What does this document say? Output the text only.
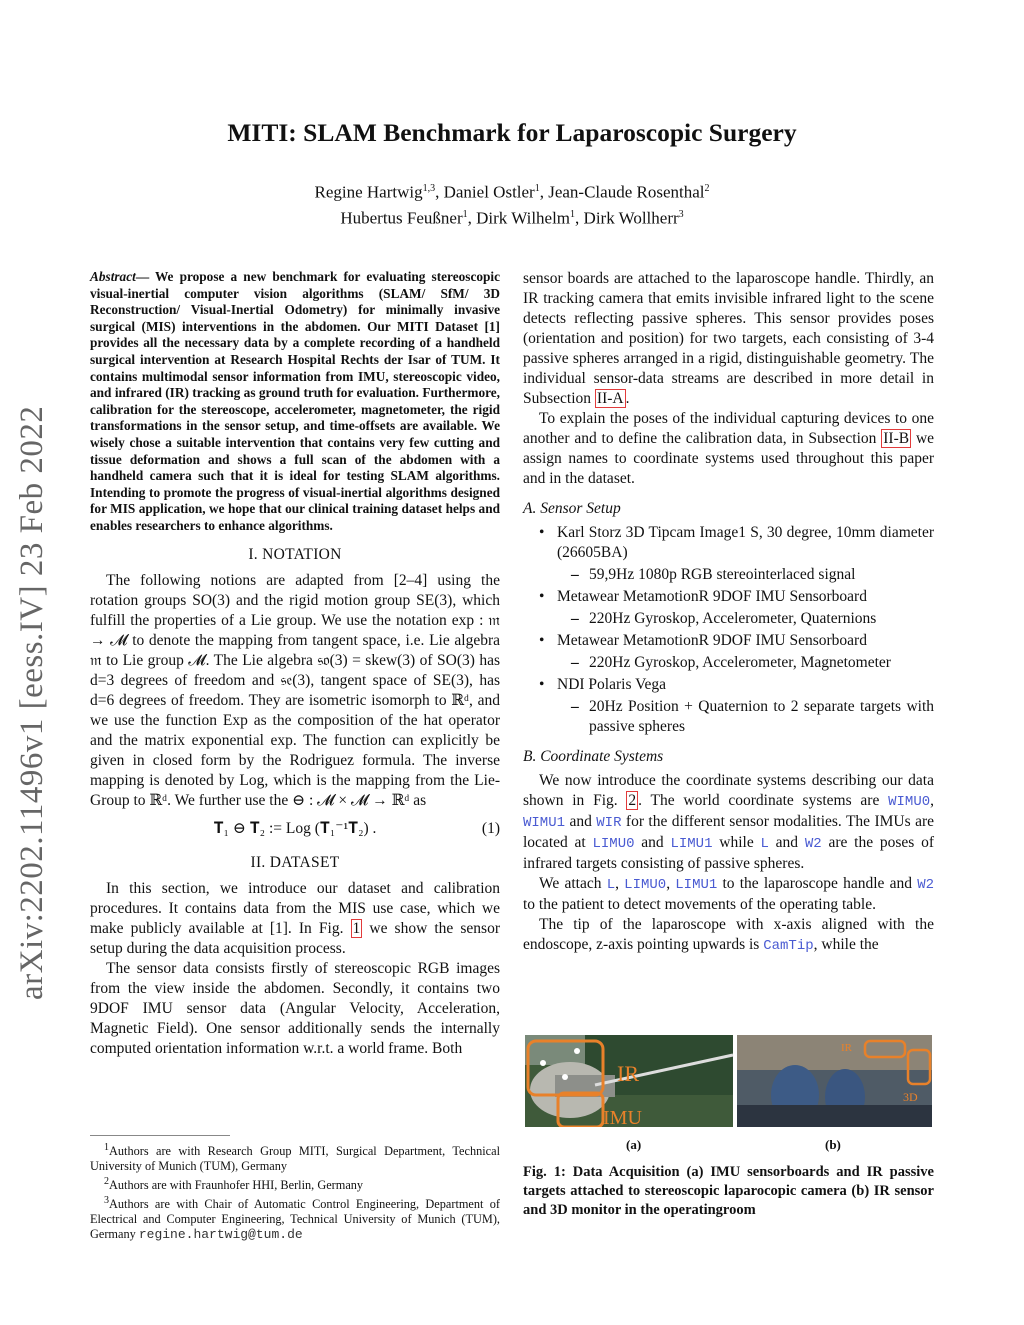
arXiv:2202.11496v1 [eess.IV] 23 Feb 2022
MITI: SLAM Benchmark for Laparoscopic Surgery
Regine Hartwig$^{1,3}$, Daniel Ostler$^1$, Jean-Claude Rosenthal$^2$
Hubertus Feußner$^1$, Dirk Wilhelm$^1$, Dirk Wollherr$^3$

Abstract— We propose a new benchmark for evaluating stereoscopic visual-inertial computer vision algorithms (SLAM/ SfM/ 3D Reconstruction/ Visual-Inertial Odometry) for minimally invasive surgical (MIS) interventions in the abdomen. Our MITI Dataset [1] provides all the necessary data by a complete recording of a handheld surgical intervention at Research Hospital Rechts der Isar of TUM. It contains multimodal sensor information from IMU, stereoscopic video, and infrared (IR) tracking as ground truth for evaluation. Furthermore, calibration for the stereoscope, accelerometer, magnetometer, the rigid transformations in the sensor setup, and time-offsets are available. We wisely chose a suitable intervention that contains very few cutting and tissue deformation and shows a full scan of the abdomen with a handheld camera such that it is ideal for testing SLAM algorithms. Intending to promote the progress of visual-inertial algorithms designed for MIS application, we hope that our clinical training dataset helps and enables researchers to enhance algorithms.

I. NOTATION

The following notions are adapted from [2–4] using the rotation groups SO(3) and the rigid motion group SE(3), which fulfill the properties of a Lie group. We use the notation exp : 𝔪 → 𝓜 to denote the mapping from tangent space, i.e. Lie algebra 𝔪 to Lie group 𝓜. The Lie algebra 𝔰𝔬(3) = skew(3) of SO(3) has d=3 degrees of freedom and 𝔰𝔢(3), tangent space of SE(3), has d=6 degrees of freedom. They are isometric isomorph to ℝᵈ, and we use the function Exp as the composition of the hat operator and the matrix exponential exp. The function can explicitly be given in closed form by the Rodriguez formula. The inverse mapping is denoted by Log, which is the mapping from the Lie-Group to ℝᵈ. We further use the ⊖ : 𝓜 × 𝓜 → ℝᵈ as

𝐓₁ ⊖ 𝐓₂ := Log (𝐓₁⁻¹𝐓₂) .	(1)
II. DATASET

In this section, we introduce our dataset and calibration procedures. It contains data from the MIS use case, which we make publicly available at [1]. In Fig. 1 we show the sensor setup during the data acquisition process.

The sensor data consists firstly of stereoscopic RGB images from the view inside the abdomen. Secondly, it contains two 9DOF IMU sensor data (Angular Velocity, Acceleration, Magnetic Field). One sensor additionally sends the internally computed orientation information w.r.t. a world frame. Both

$^1$Authors are with Research Group MITI, Surgical Department, Technical University of Munich (TUM), Germany

$^2$Authors are with Fraunhofer HHI, Berlin, Germany

$^3$Authors are with Chair of Automatic Control Engineering, Department of Electrical and Computer Engineering, Technical University of Munich (TUM), Germany regine.hartwig@tum.de

sensor boards are attached to the laparoscope handle. Thirdly, an IR tracking camera that emits invisible infrared light to the scene detects reflecting passive spheres. This sensor provides poses (orientation and position) for two targets, each consisting of 3-4 passive spheres arranged in a rigid, distinguishable geometry. The individual sensor-data streams are described in more detail in Subsection II-A .

To explain the poses of the individual capturing devices to one another and to define the calibration data, in Subsection II-B we assign names to coordinate systems used throughout this paper and in the dataset.

A. Sensor Setup
• Karl Storz 3D Tipcam Image1 S, 30 degree, 10mm diameter (26605BA)
– 59,9Hz 1080p RGB stereointerlaced signal
• Metawear MetamotionR 9DOF IMU Sensorboard
– 220Hz Gyroskop, Accelerometer, Quaternions
• Metawear MetamotionR 9DOF IMU Sensorboard
– 220Hz Gyroskop, Accelerometer, Magnetometer
• NDI Polaris Vega
– 20Hz Position + Quaternion to 2 separate targets with passive spheres
B. Coordinate Systems

We now introduce the coordinate systems describing our data shown in Fig. 2 . The world coordinate systems are WIMU0, WIMU1 and WIR for the different sensor modalities. The IMUs are located at LIMU0 and LIMU1 while L and W2 are the poses of infrared targets consisting of passive spheres.

We attach L, LIMU0, LIMU1 to the laparoscope handle and W2 to the patient to detect movements of the operating table.

The tip of the laparoscope with x-axis aligned with the endoscope, z-axis pointing upwards is CamTip, while the

IR
IMU
IR
3D
(a)	(b)
Fig. 1: Data Acquisition (a) IMU sensorboards and IR passive targets attached to stereoscopic laparocopic camera (b) IR sensor and 3D monitor in the operatingroom
